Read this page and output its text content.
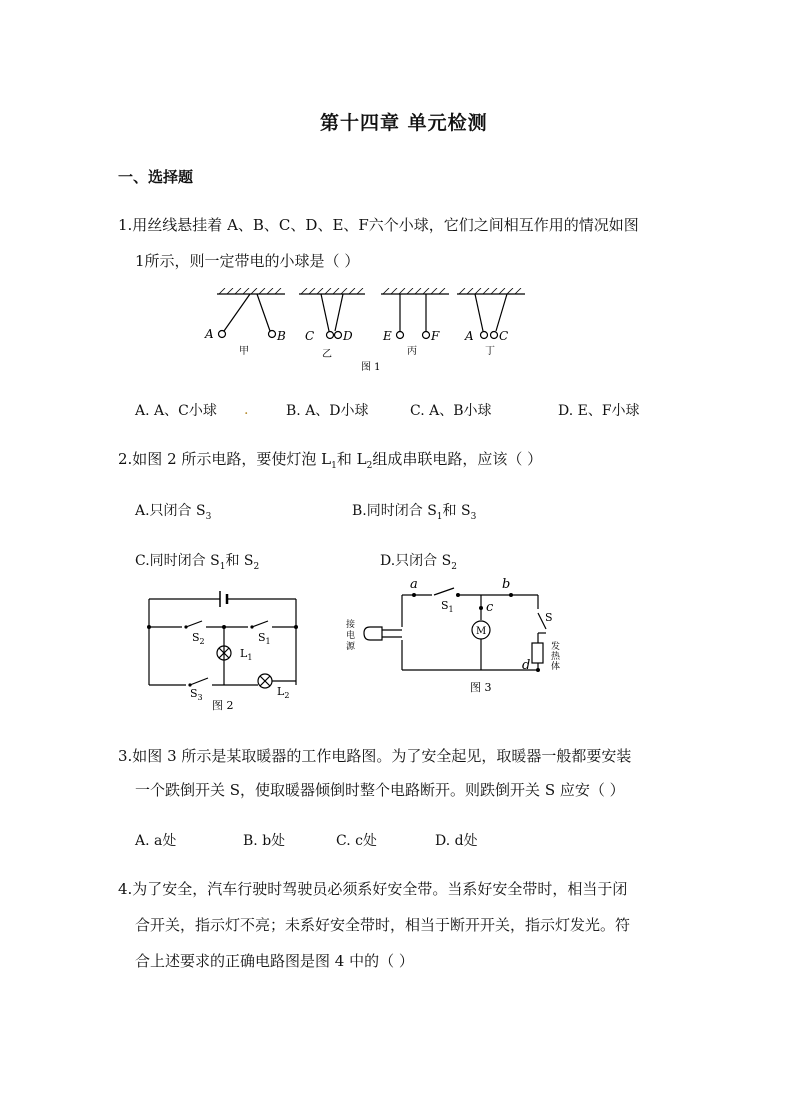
第十四章 单元检测
一、选择题
1.用丝线悬挂着 A、B、C、D、E、F六个小球，它们之间相互作用的情况如图
1所示，则一定带电的小球是（ ）
A	B C D	E	F A C
甲	乙	丙	丁
图 1
A. A、C小球 .	B. A、D小球	C. A、B小球	D. E、F小球
2.如图 2 所示电路，要使灯泡 $L_1$和 $L_2$组成串联电路，应该（ ）
A.只闭合 $S_3$	B.同时闭合 $S_1$和 $S_3$
C.同时闭合 $S_1$和 $S_2$	D.只闭合 $S_2$
$S_2$	$S_1$
$L_1$
$S_3$	$L_2$
图 2
a	b
c
d
$S_1$
S
M
接
电
源	发
热
体
图 3
3.如图 3 所示是某取暖器的工作电路图。为了安全起见，取暖器一般都要安装
一个跌倒开关 S，使取暖器倾倒时整个电路断开。则跌倒开关 S 应安（ ）
A. a处	B. b处	C. c处	D. d处
4.为了安全，汽车行驶时驾驶员必须系好安全带。当系好安全带时，相当于闭
合开关，指示灯不亮；未系好安全带时，相当于断开开关，指示灯发光。符
合上述要求的正确电路图是图 4 中的（ ）
